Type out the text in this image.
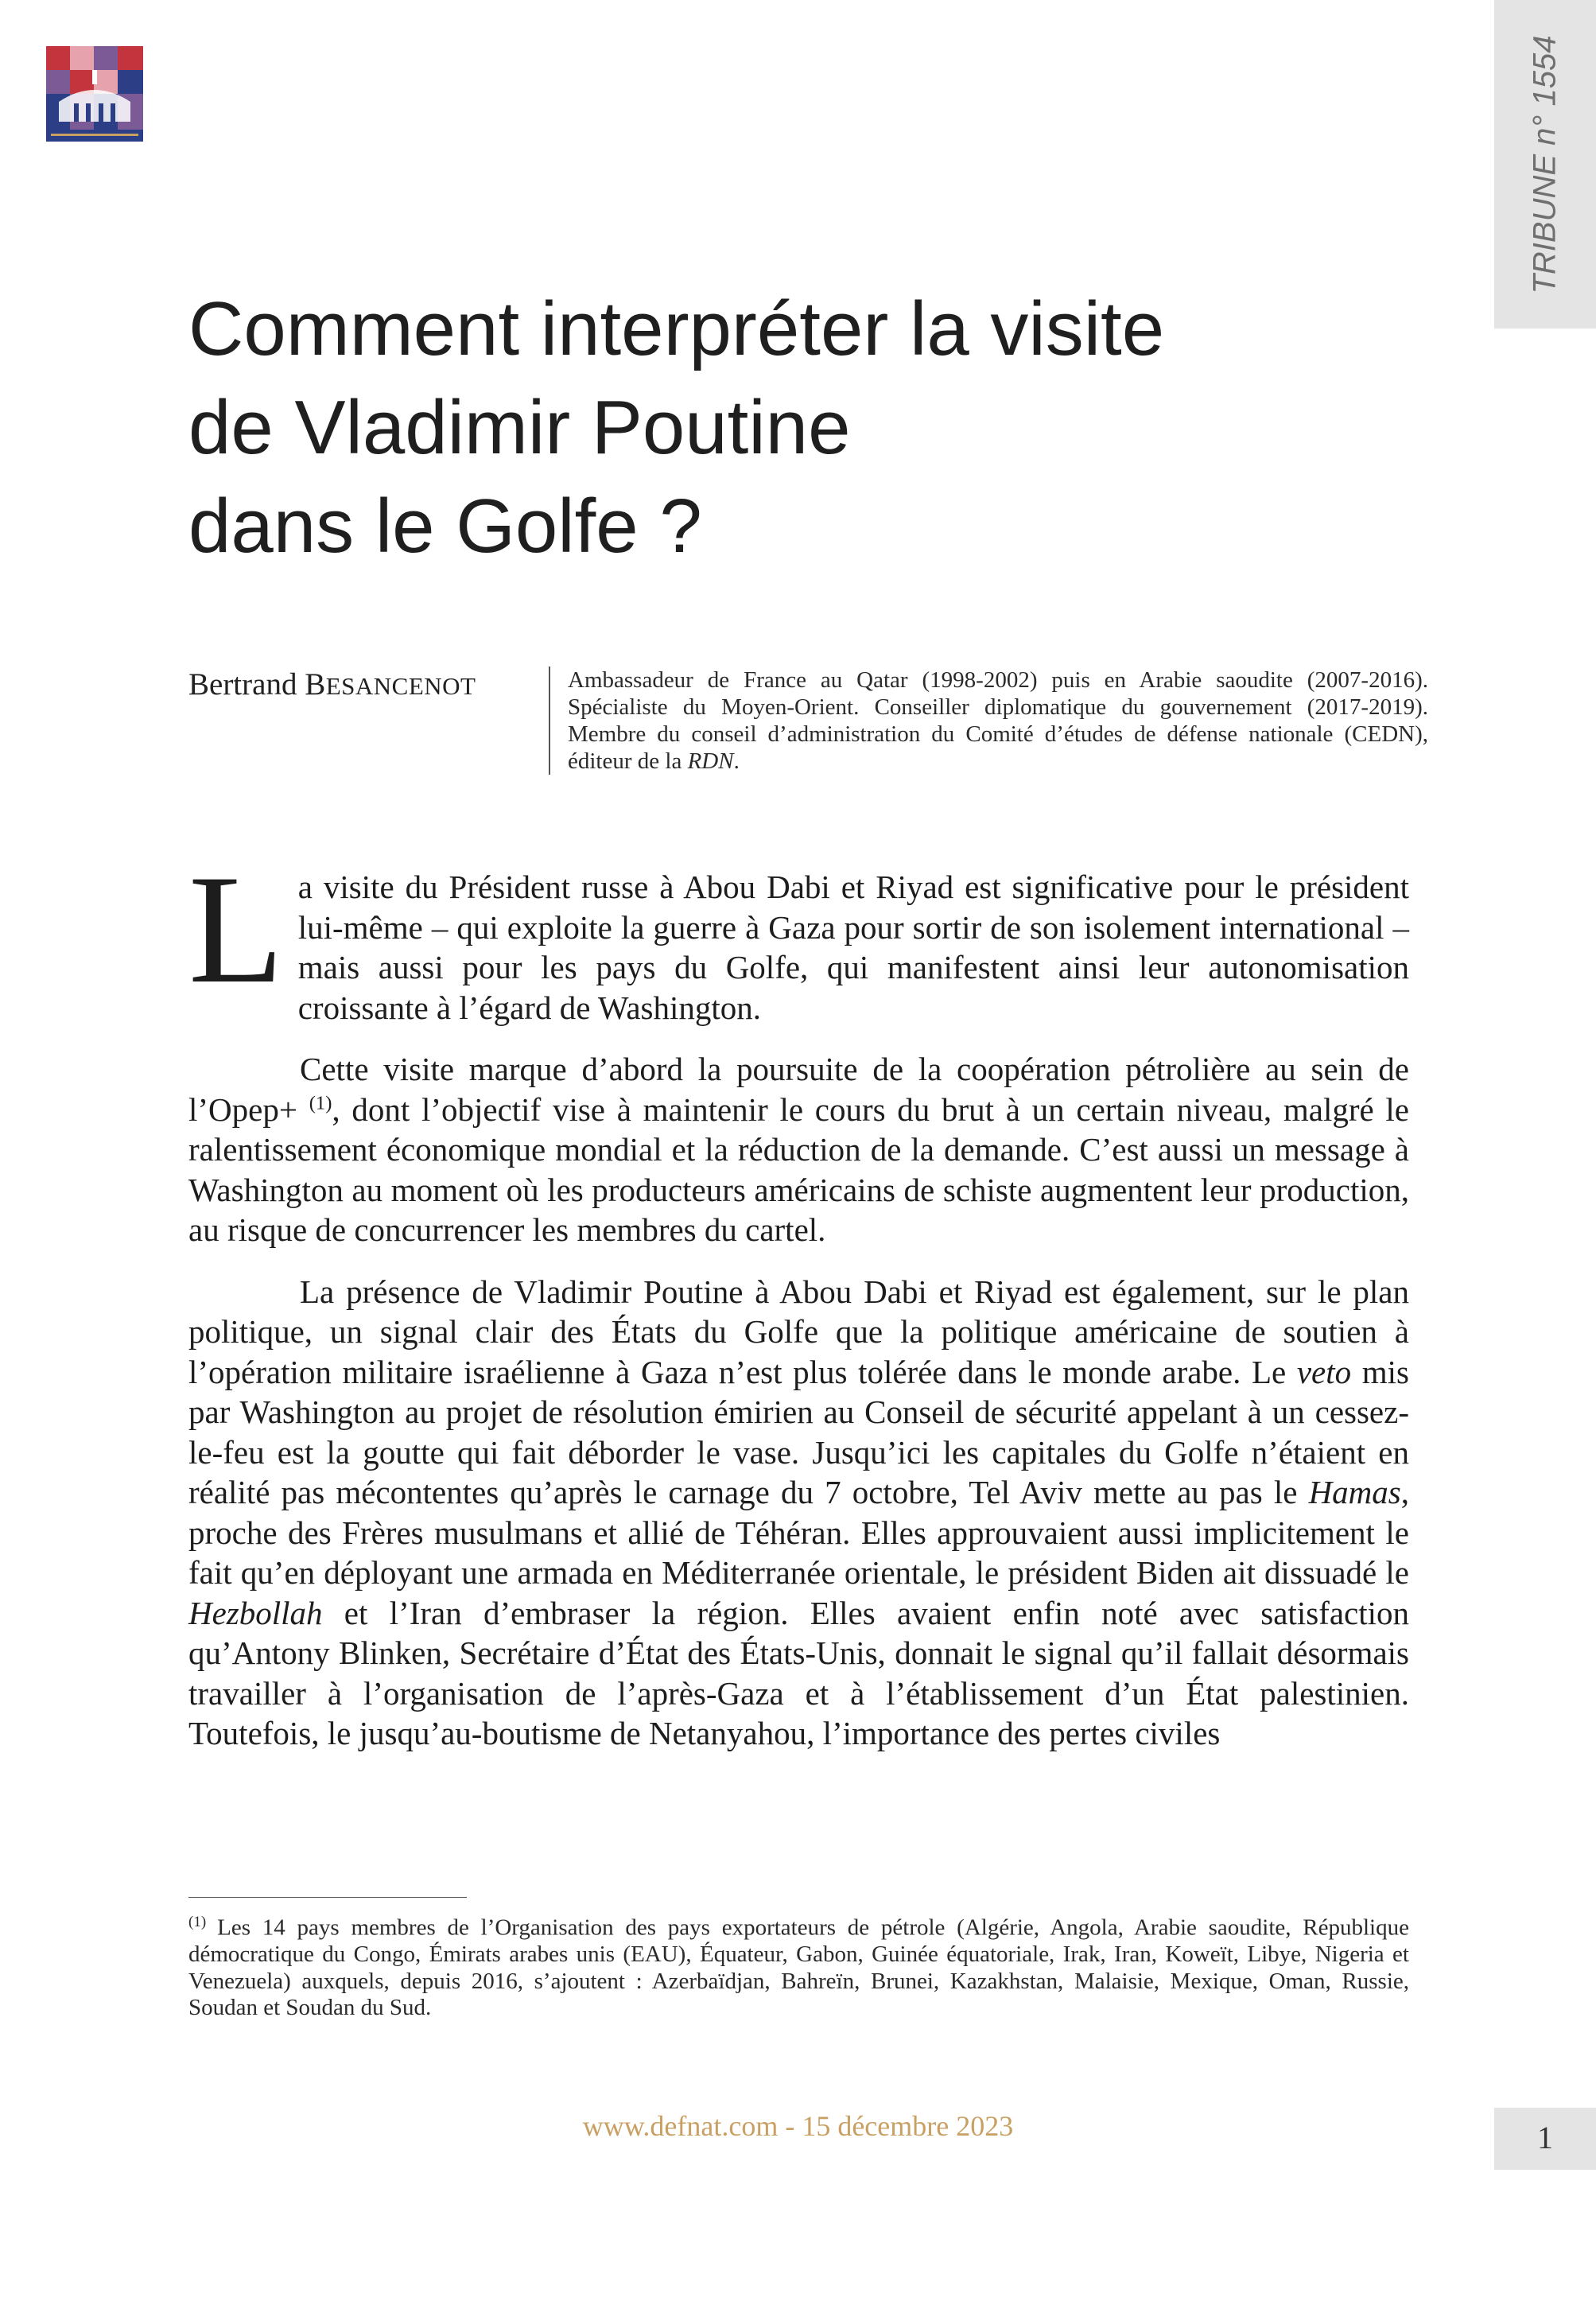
TRIBUNE n° 1554
Comment interpréter la visite
de Vladimir Poutine
dans le Golfe ?
Bertrand BESANCENOT	Ambassadeur de France au Qatar (1998-2002) puis en Arabie saoudite (2007-2016). Spécialiste du Moyen-Orient. Conseiller diplomatique du gouvernement (2017-2019). Membre du conseil d’administration du Comité d’études de défense nationale (CEDN), éditeur de la RDN.

La visite du Président russe à Abou Dabi et Riyad est significative pour le président lui-même – qui exploite la guerre à Gaza pour sortir de son isolement international – mais aussi pour les pays du Golfe, qui manifestent ainsi leur autonomisation croissante à l’égard de Washington.

Cette visite marque d’abord la poursuite de la coopération pétrolière au sein de l’Opep+ $^{(1)}$, dont l’objectif vise à maintenir le cours du brut à un certain niveau, malgré le ralentissement économique mondial et la réduction de la demande. C’est aussi un message à Washington au moment où les producteurs américains de schiste augmentent leur production, au risque de concurrencer les membres du cartel.

La présence de Vladimir Poutine à Abou Dabi et Riyad est également, sur le plan politique, un signal clair des États du Golfe que la politique américaine de soutien à l’opération militaire israélienne à Gaza n’est plus tolérée dans le monde arabe. Le veto mis par Washington au projet de résolution émirien au Conseil de sécurité appelant à un cessez-le-feu est la goutte qui fait déborder le vase. Jusqu’ici les capitales du Golfe n’étaient en réalité pas mécontentes qu’après le carnage du 7 octobre, Tel Aviv mette au pas le Hamas, proche des Frères musulmans et allié de Téhéran. Elles approuvaient aussi implicitement le fait qu’en déployant une armada en Méditerranée orientale, le président Biden ait dissuadé le Hezbollah et l’Iran d’embraser la région. Elles avaient enfin noté avec satisfaction qu’Antony Blinken, Secrétaire d’État des États-Unis, donnait le signal qu’il fallait désormais travailler à l’organisation de l’après-Gaza et à l’établissement d’un État palestinien. Toutefois, le jusqu’au-boutisme de Netanyahou, l’importance des pertes civiles

$^{(1)}$ Les 14 pays membres de l’Organisation des pays exportateurs de pétrole (Algérie, Angola, Arabie saoudite, République démocratique du Congo, Émirats arabes unis (EAU), Équateur, Gabon, Guinée équatoriale, Irak, Iran, Koweït, Libye, Nigeria et Venezuela) auxquels, depuis 2016, s’ajoutent : Azerbaïdjan, Bahreïn, Brunei, Kazakhstan, Malaisie, Mexique, Oman, Russie, Soudan et Soudan du Sud.
www.defnat.com - 15 décembre 2023	1
